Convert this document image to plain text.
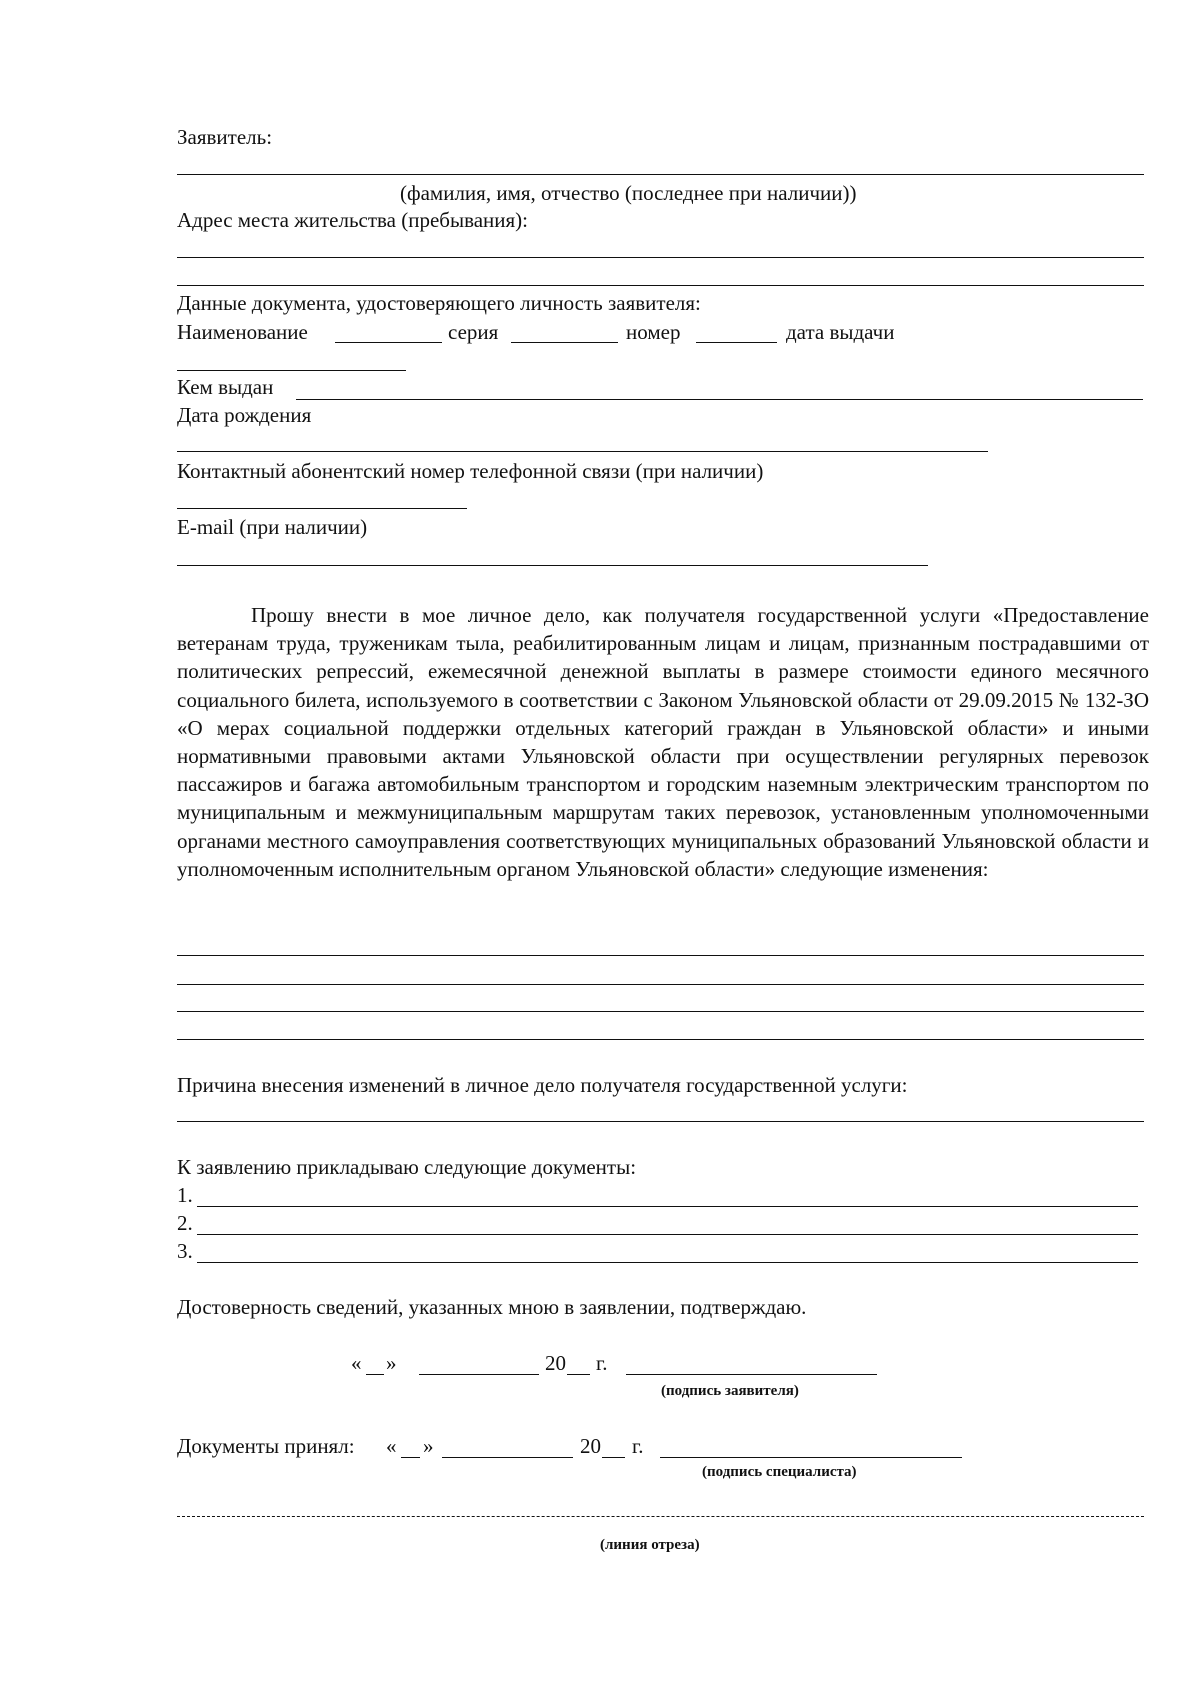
Заявитель:
(фамилия, имя, отчество (последнее при наличии))
Адрес места жительства (пребывания):
Данные документа, удостоверяющего личность заявителя:
Наименование	серия	номер	дата выдачи
Кем выдан
Дата рождения
Контактный абонентский номер телефонной связи (при наличии)
E-mail (при наличии)
Прошу внести в мое личное дело, как получателя государственной услуги «Предоставление ветеранам труда, труженикам тыла, реабилитированным лицам и лицам, признанным пострадавшими от политических репрессий, ежемесячной денежной выплаты в размере стоимости единого месячного социального билета, используемого в соответствии с Законом Ульяновской области от 29.09.2015 № 132-ЗО «О мерах социальной поддержки отдельных категорий граждан в Ульяновской области» и иными нормативными правовыми актами Ульяновской области при осуществлении регулярных перевозок пассажиров и багажа автомобильным транспортом и городским наземным электрическим транспортом по муниципальным и межмуниципальным маршрутам таких перевозок, установленным уполномоченными органами местного самоуправления соответствующих муниципальных образований Ульяновской области и уполномоченным исполнительным органом Ульяновской области» следующие изменения:
Причина внесения изменений в личное дело получателя государственной услуги:
К заявлению прикладываю следующие документы:
1.
2.
3.
Достоверность сведений, указанных мною в заявлении, подтверждаю.
« »	20 г.
(подпись заявителя)
Документы принял: « »	20 г.
(подпись специалиста)
(линия отреза)
